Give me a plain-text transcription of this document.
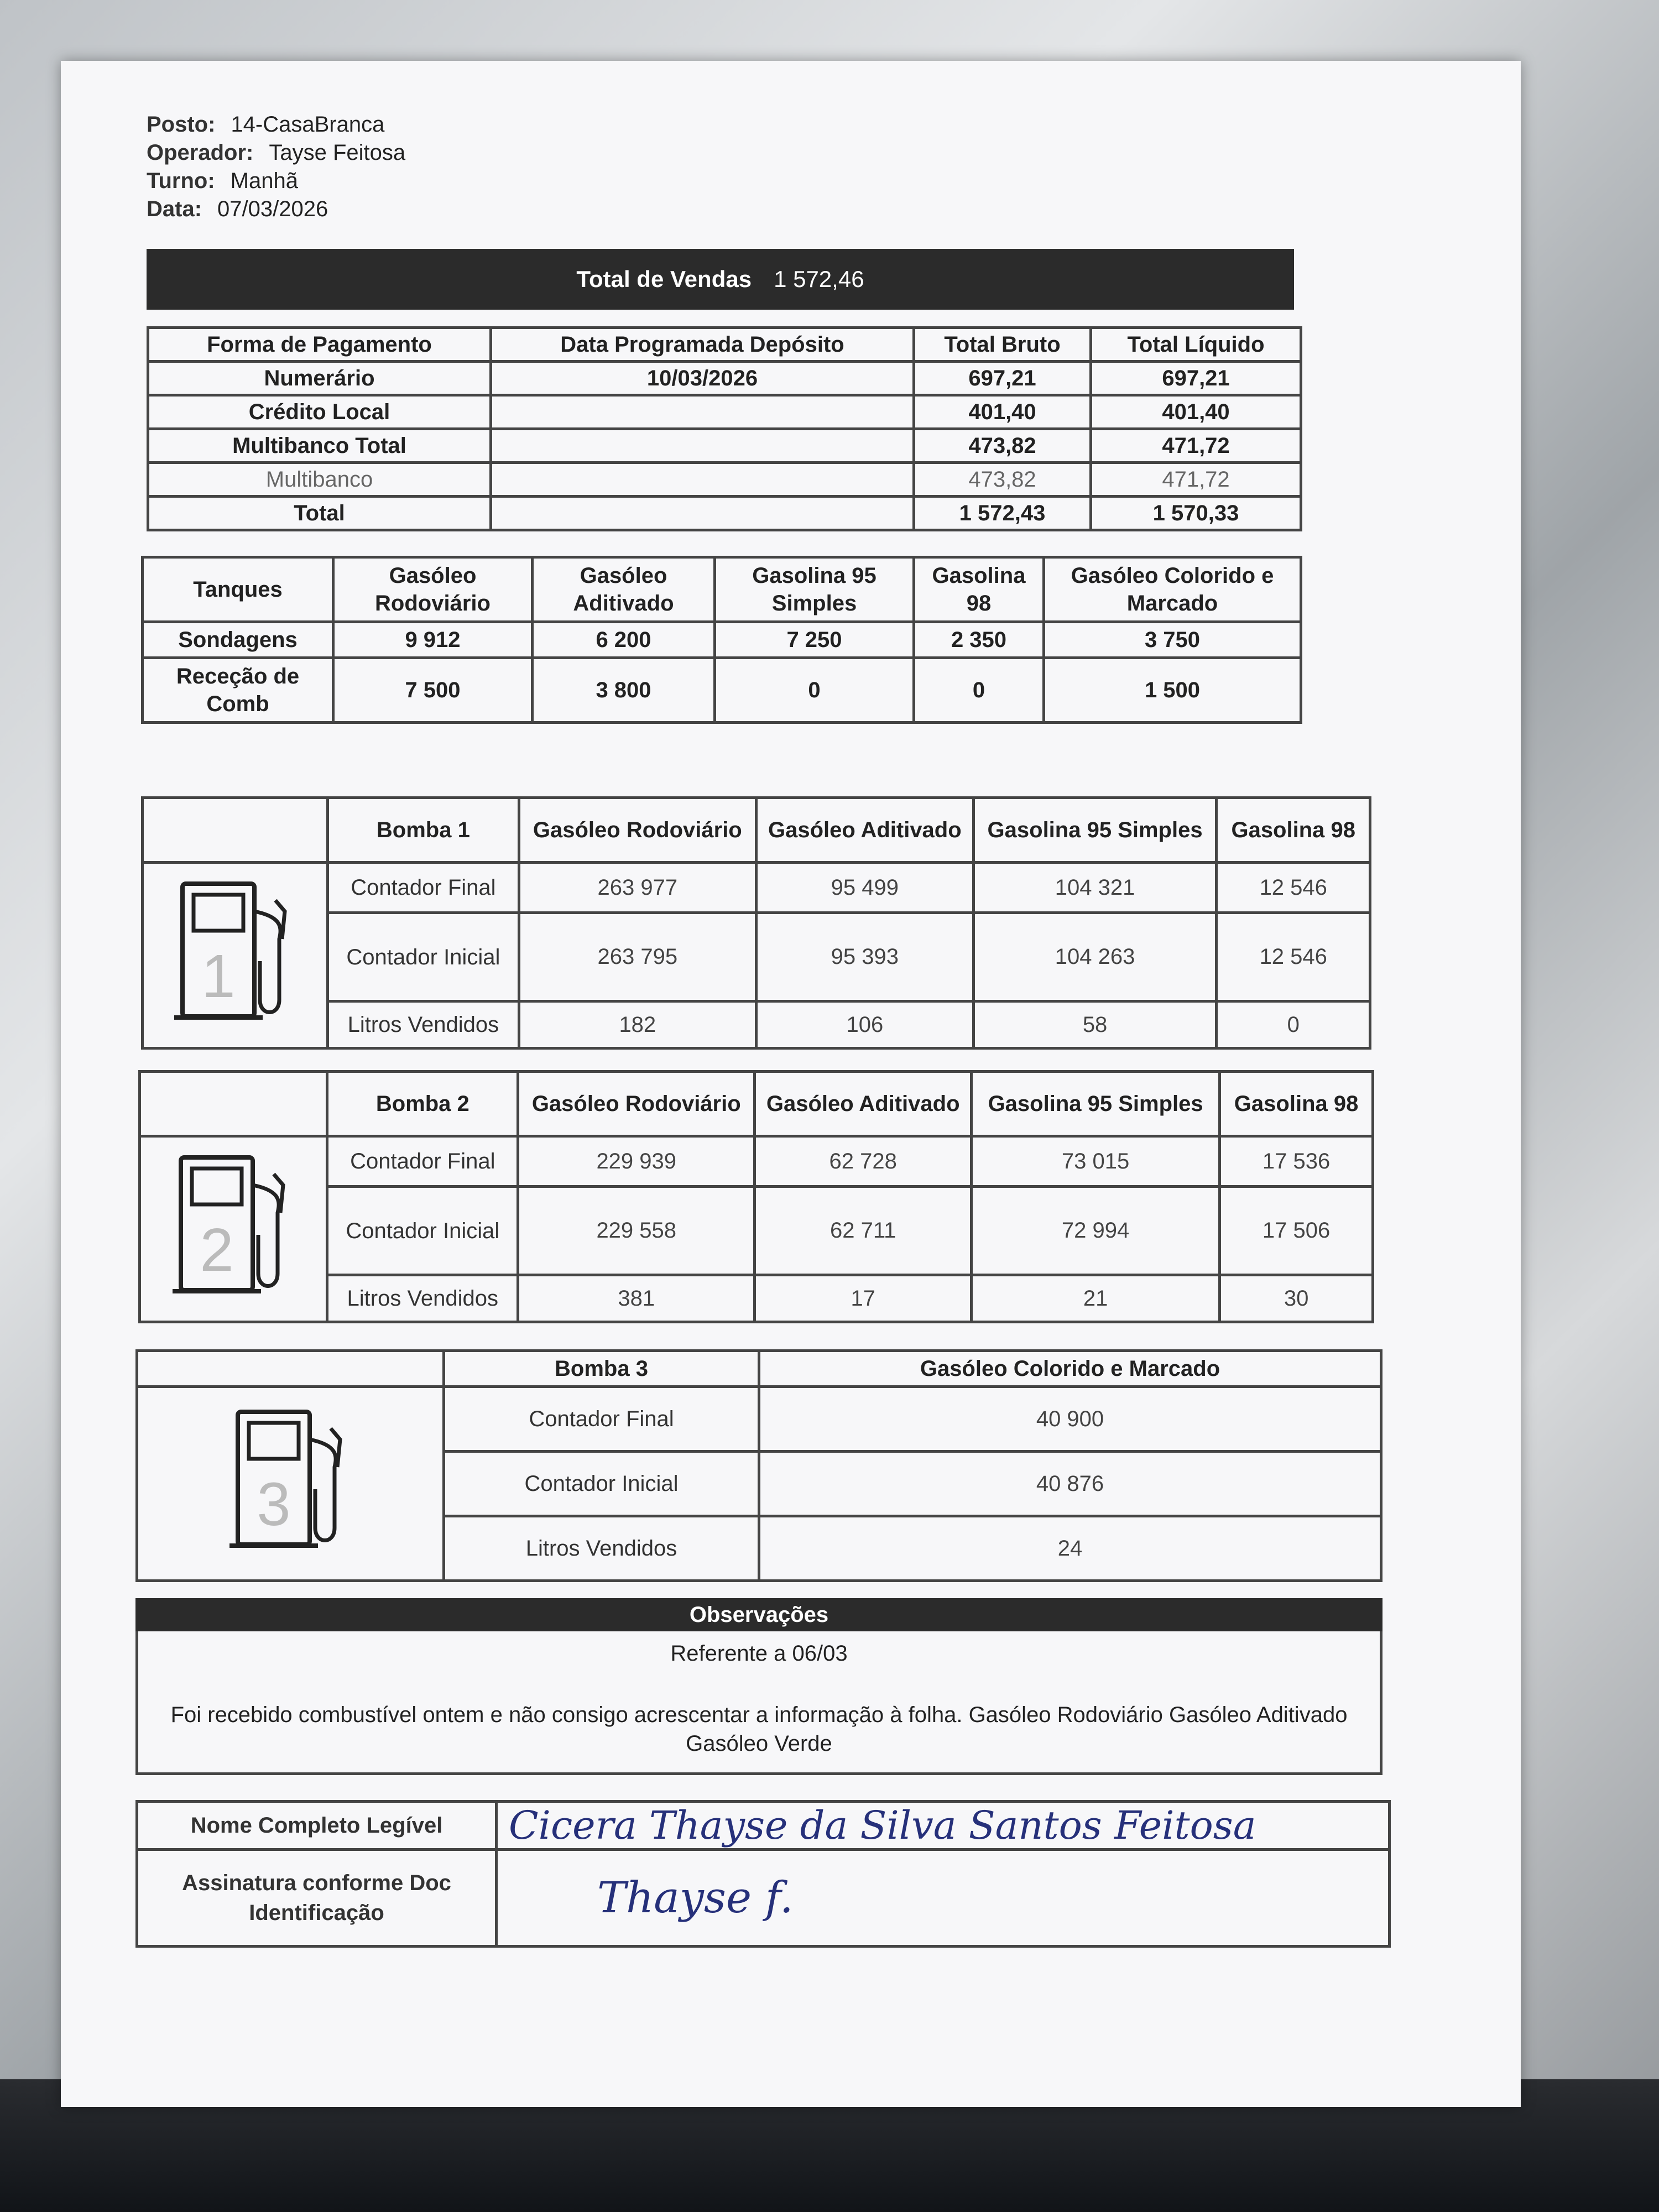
Posto: 14-CasaBranca
Operador: Tayse Feitosa
Turno: Manhã
Data: 07/03/2026
Total de Vendas 1 572,46
Forma de Pagamento	Data Programada Depósito	Total Bruto	Total Líquido
Numerário	10/03/2026	697,21	697,21
Crédito Local		401,40	401,40
Multibanco Total		473,82	471,72
Multibanco		473,82	471,72
Total		1 572,43	1 570,33
Tanques	Gasóleo Rodoviário	Gasóleo Aditivado	Gasolina 95 Simples	Gasolina 98	Gasóleo Colorido e Marcado
Sondagens	9 912	6 200	7 250	2 350	3 750
Receção de Comb	7 500	3 800	0	0	1 500
	Bomba 1	Gasóleo Rodoviário	Gasóleo Aditivado	Gasolina 95 Simples	Gasolina 98

1	Contador Final	263 977	95 499	104 321	12 546
	Contador Inicial	263 795	95 393	104 263	12 546
	Litros Vendidos	182	106	58	0
	Bomba 2	Gasóleo Rodoviário	Gasóleo Aditivado	Gasolina 95 Simples	Gasolina 98

2	Contador Final	229 939	62 728	73 015	17 536
	Contador Inicial	229 558	62 711	72 994	17 506
	Litros Vendidos	381	17	21	30
	Bomba 3	Gasóleo Colorido e Marcado

3	Contador Final	40 900
	Contador Inicial	40 876
	Litros Vendidos	24
Observações
Referente a 06/03
Foi recebido combustível ontem e não consigo acrescentar a informação à folha. Gasóleo Rodoviário Gasóleo Aditivado Gasóleo Verde
Nome Completo Legível	Cicera Thayse da Silva Santos Feitosa
Assinatura conforme Doc Identificação	Thayse f.
